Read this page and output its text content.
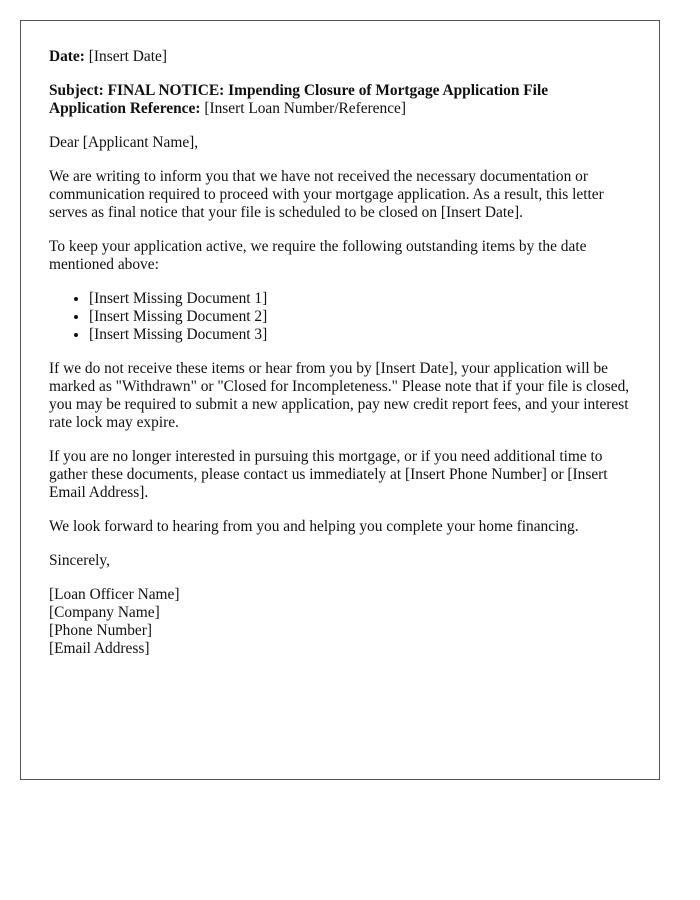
Date: [Insert Date]

Subject: FINAL NOTICE: Impending Closure of Mortgage Application File
Application Reference: [Insert Loan Number/Reference]

Dear [Applicant Name],

We are writing to inform you that we have not received the necessary documentation or communication required to proceed with your mortgage application. As a result, this letter serves as final notice that your file is scheduled to be closed on [Insert Date].

To keep your application active, we require the following outstanding items by the date mentioned above:

• [Insert Missing Document 1]
• [Insert Missing Document 2]
• [Insert Missing Document 3]

If we do not receive these items or hear from you by [Insert Date], your application will be marked as "Withdrawn" or "Closed for Incompleteness." Please note that if your file is closed, you may be required to submit a new application, pay new credit report fees, and your interest rate lock may expire.

If you are no longer interested in pursuing this mortgage, or if you need additional time to gather these documents, please contact us immediately at [Insert Phone Number] or [Insert Email Address].

We look forward to hearing from you and helping you complete your home financing.

Sincerely,

[Loan Officer Name]
[Company Name]
[Phone Number]
[Email Address]
